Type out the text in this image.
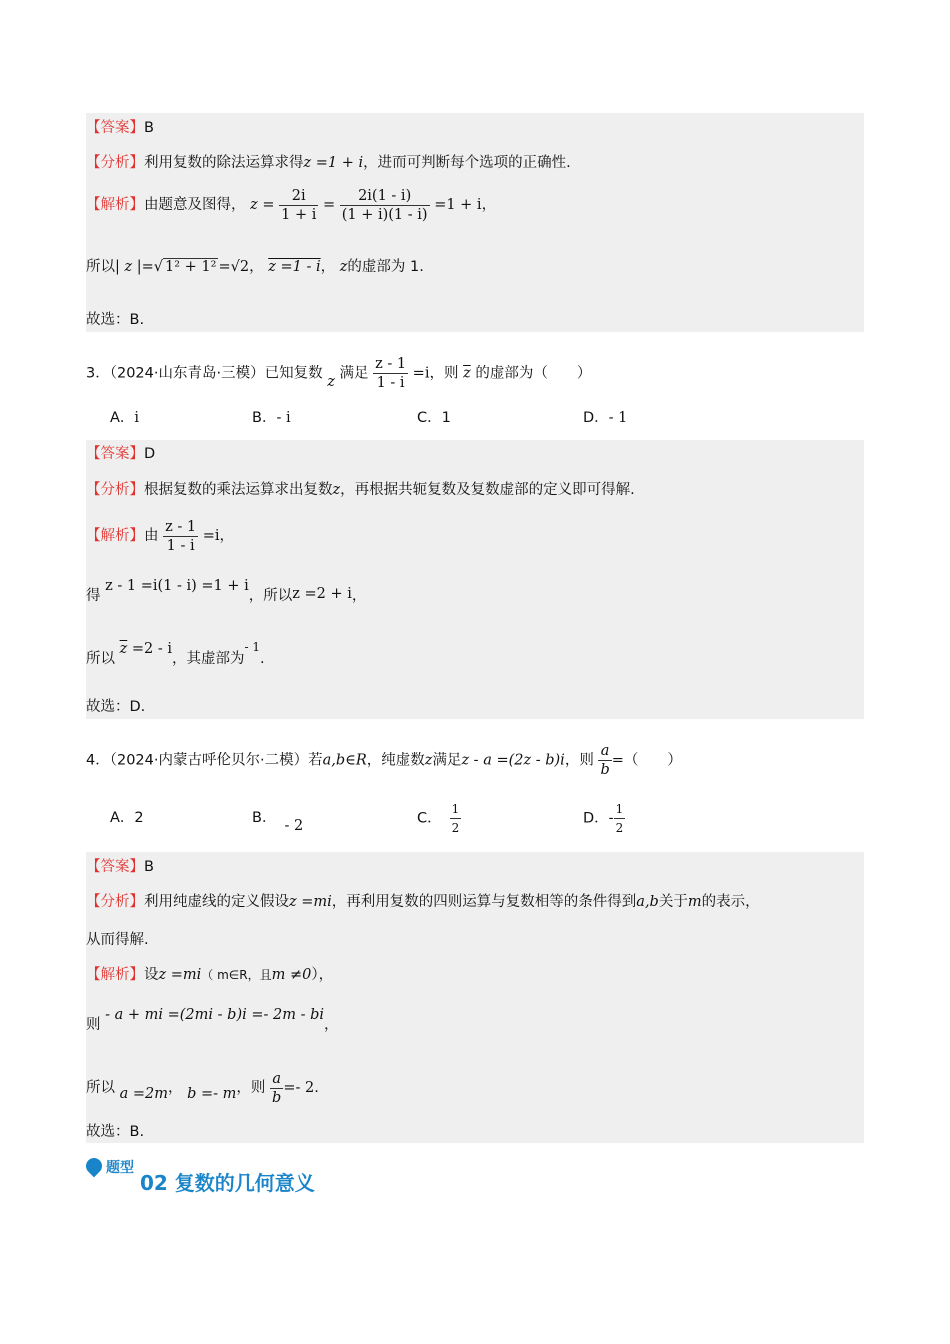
【答案】B
【分析】利用复数的除法运算求得z =1 + i，进而可判断每个选项的正确性.
【解析】由题意及图得， $z = \frac{2i}{1 + i} = \frac{2i(1 - i)}{(1 + i)(1 - i)} =1 + i$，
所以| z |=√ 1² + 1² =√2， z =1 - i， z的虚部为 1.
故选：B.
3．（2024·山东青岛·三模）已知复数 z 满足 $\frac{z - 1}{1 - i} =i$，则 $\overline{z}$ 的虚部为（　　）
A．i	B．- i	C．1	D．- 1
【答案】D
【分析】根据复数的乘法运算求出复数z，再根据共轭复数及复数虚部的定义即可得解.
【解析】由 $\frac{z - 1}{1 - i} =i$，
得 z - 1 =i(1 - i) =1 + i，所以z =2 + i，
所以 $\overline{z} =2 - i$，其虚部为$^{- 1}$.
故选：D.
4．（2024·内蒙古呼伦贝尔·二模）若a,b∈R，纯虚数z满足z - a =(2z - b)i，则 $\frac{a}{b}$ =（　　）
A．2	B． - 2	C． $\frac{1}{2}$	D．- $\frac{1}{2}$
【答案】B
【分析】利用纯虚线的定义假设z =mi，再利用复数的四则运算与复数相等的条件得到a,b关于m的表示，
从而得解.
【解析】设z =mi（ m∈R，且m ≠0），
则 - a + mi =(2mi - b)i =- 2m - bi，
所以 a =2m， b =- m，则 $\frac{a}{b} =- 2$.
故选：B.
题型
02 复数的几何意义
